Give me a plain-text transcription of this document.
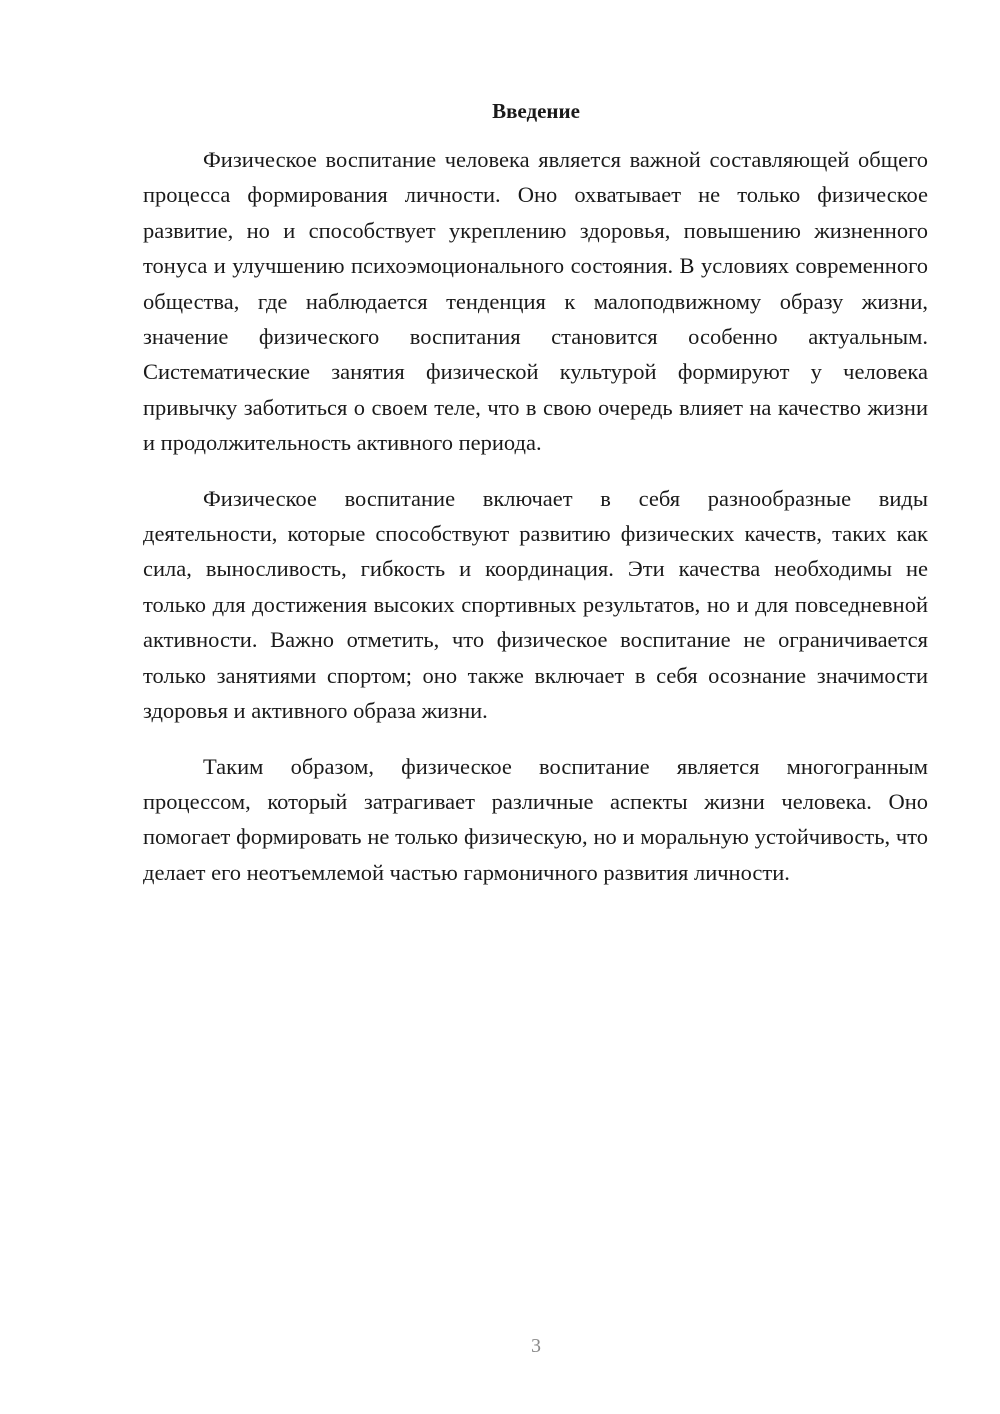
Введение

Физическое воспитание человека является важной составляющей общего процесса формирования личности. Оно охватывает не только физическое развитие, но и способствует укреплению здоровья, повышению жизненного тонуса и улучшению психоэмоционального состояния. В условиях современного общества, где наблюдается тенденция к малоподвижному образу жизни, значение физического воспитания становится особенно актуальным. Систематические занятия физической культурой формируют у человека привычку заботиться о своем теле, что в свою очередь влияет на качество жизни и продолжительность активного периода.

Физическое воспитание включает в себя разнообразные виды деятельности, которые способствуют развитию физических качеств, таких как сила, выносливость, гибкость и координация. Эти качества необходимы не только для достижения высоких спортивных результатов, но и для повседневной активности. Важно отметить, что физическое воспитание не ограничивается только занятиями спортом; оно также включает в себя осознание значимости здоровья и активного образа жизни.

Таким образом, физическое воспитание является многогранным процессом, который затрагивает различные аспекты жизни человека. Оно помогает формировать не только физическую, но и моральную устойчивость, что делает его неотъемлемой частью гармоничного развития личности.

3
